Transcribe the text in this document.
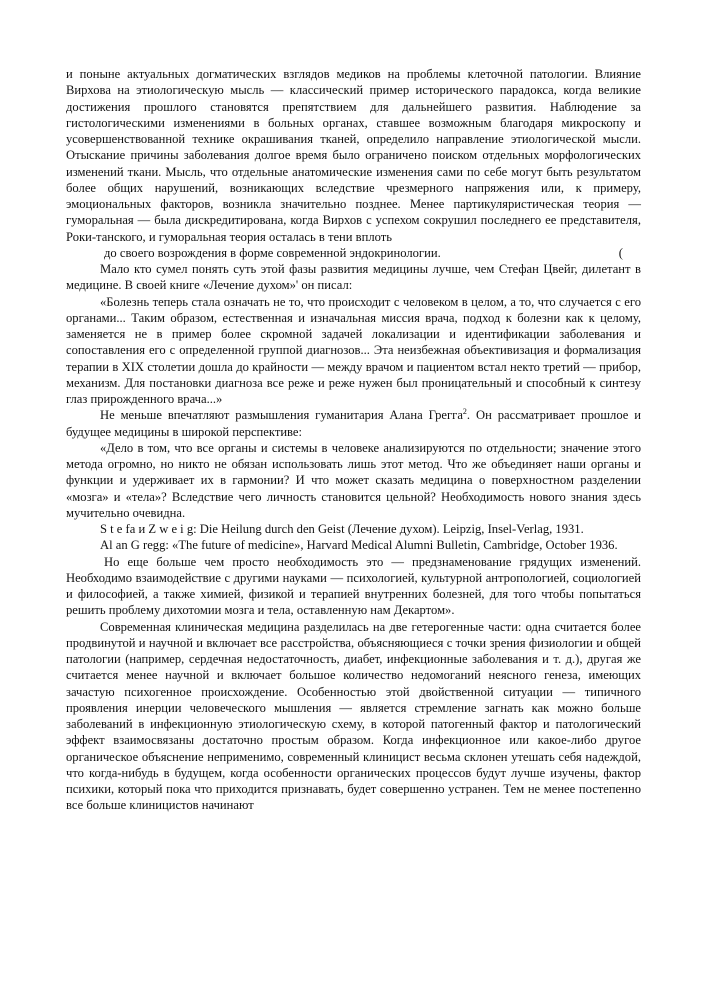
и поныне актуальных догматических взглядов медиков на проблемы клеточной патологии. Влияние Вирхова на этиологическую мысль — классический пример исторического парадокса, когда великие достижения прошлого становятся препятствием для дальнейшего развития. Наблюдение за гистологическими изменениями в больных органах, ставшее возможным благодаря микроскопу и усовершенствованной технике окрашивания тканей, определило направление этиологической мысли. Отыскание причины заболевания долгое время было ограничено поиском отдельных морфологических изменений ткани. Мысль, что отдельные анатомические изменения сами по себе могут быть результатом более общих нарушений, возникающих вследствие чрезмерного напряжения или, к примеру, эмоциональных факторов, возникла значительно позднее. Менее партикуляристическая теория — гуморальная — была дискредитирована, когда Вирхов с успехом сокрушил последнего ее представителя, Роки-танского, и гуморальная теория осталась в тени вплоть

до своего возрождения в форме современной эндокринологии.	(

Мало кто сумел понять суть этой фазы развития медицины лучше, чем Стефан Цвейг, дилетант в медицине. В своей книге «Лечение духом»' он писал:

«Болезнь теперь стала означать не то, что происходит с человеком в целом, а то, что случается с его органами... Таким образом, естественная и изначальная миссия врача, подход к болезни как к целому, заменяется не в пример более скромной задачей локализации и идентификации заболевания и сопоставления его с определенной группой диагнозов... Эта неизбежная объективизация и формализация терапии в XIX столетии дошла до крайности — между врачом и пациентом встал некто третий — прибор, механизм. Для постановки диагноза все реже и реже нужен был проницательный и способный к синтезу глаз прирожденного врача...»

Не меньше впечатляют размышления гуманитария Алана Грегга$^2$. Он рассматривает прошлое и будущее медицины в широкой перспективе:

«Дело в том, что все органы и системы в человеке анализируются по отдельности; значение этого метода огромно, но никто не обязан использовать лишь этот метод. Что же объединяет наши органы и функции и удерживает их в гармонии? И что может сказать медицина о поверхностном разделении «мозга» и «тела»? Вследствие чего личность становится цельной? Необходимость нового знания здесь мучительно очевидна.

S t e fa и Z w e i g: Die Heilung durch den Geist (Лечение духом). Leipzig, Insel-Verlag, 1931.

Al an G regg: «The future of medicine», Harvard Medical Alumni Bulletin, Cambridge, October 1936.

Но еще больше чем просто необходимость это — предзнаменование грядущих изменений. Необходимо взаимодействие с другими науками — психологией, культурной антропологией, социологией и философией, а также химией, физикой и терапией внутренних болезней, для того чтобы попытаться решить проблему дихотомии мозга и тела, оставленную нам Декартом».

Современная клиническая медицина разделилась на две гетерогенные части: одна считается более продвинутой и научной и включает все расстройства, объясняющиеся с точки зрения физиологии и общей патологии (например, сердечная недостаточность, диабет, инфекционные заболевания и т. д.), другая же считается менее научной и включает большое количество недомоганий неясного генеза, имеющих зачастую психогенное происхождение. Особенностью этой двойственной ситуации — типичного проявления инерции человеческого мышления — является стремление загнать как можно больше заболеваний в инфекционную этиологическую схему, в которой патогенный фактор и патологический эффект взаимосвязаны достаточно простым образом. Когда инфекционное или какое-либо другое органическое объяснение неприменимо, современный клиницист весьма склонен утешать себя надеждой, что когда-нибудь в будущем, когда особенности органических процессов будут лучше изучены, фактор психики, который пока что приходится признавать, будет совершенно устранен. Тем не менее постепенно все больше клиницистов начинают
